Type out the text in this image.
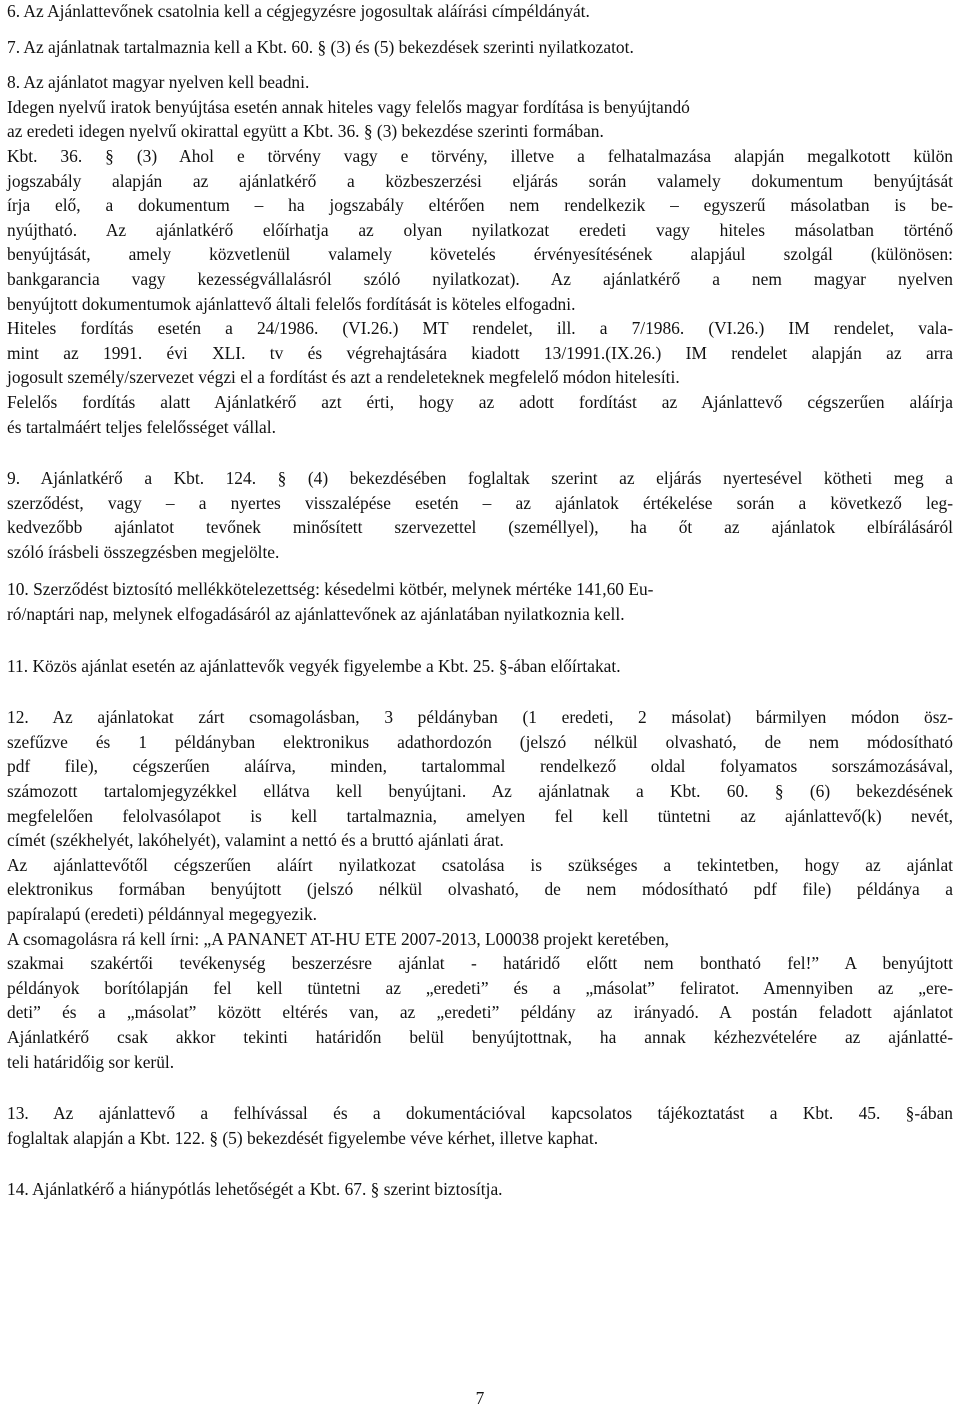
6. Az Ajánlattevőnek csatolnia kell a cégjegyzésre jogosultak aláírási címpéldányát.

7. Az ajánlatnak tartalmaznia kell a Kbt. 60. § (3) és (5) bekezdések szerinti nyilatkozatot.

8. Az ajánlatot magyar nyelven kell beadni.
Idegen nyelvű iratok benyújtása esetén annak hiteles vagy felelős magyar fordítása is benyújtandó
az eredeti idegen nyelvű okirattal együtt a Kbt. 36. § (3) bekezdése szerinti formában.
Kbt. 36. § (3) Ahol e törvény vagy e törvény, illetve a felhatalmazása alapján megalkotott külön
jogszabály alapján az ajánlatkérő a közbeszerzési eljárás során valamely dokumentum benyújtását
írja elő, a dokumentum – ha jogszabály eltérően nem rendelkezik – egyszerű másolatban is be-
nyújtható. Az ajánlatkérő előírhatja az olyan nyilatkozat eredeti vagy hiteles másolatban történő
benyújtását, amely közvetlenül valamely követelés érvényesítésének alapjául szolgál (különösen:
bankgarancia vagy kezességvállalásról szóló nyilatkozat). Az ajánlatkérő a nem magyar nyelven
benyújtott dokumentumok ajánlattevő általi felelős fordítását is köteles elfogadni.
Hiteles fordítás esetén a 24/1986. (VI.26.) MT rendelet, ill. a 7/1986. (VI.26.) IM rendelet, vala-
mint az 1991. évi XLI. tv és végrehajtására kiadott 13/1991.(IX.26.) IM rendelet alapján az arra
jogosult személy/szervezet végzi el a fordítást és azt a rendeleteknek megfelelő módon hitelesíti.
Felelős fordítás alatt Ajánlatkérő azt érti, hogy az adott fordítást az Ajánlattevő cégszerűen aláírja
és tartalmáért teljes felelősséget vállal.
9. Ajánlatkérő a Kbt. 124. § (4) bekezdésében foglaltak szerint az eljárás nyertesével kötheti meg a
szerződést, vagy – a nyertes visszalépése esetén – az ajánlatok értékelése során a következő leg-
kedvezőbb ajánlatot tevőnek minősített szervezettel (személlyel), ha őt az ajánlatok elbírálásáról
szóló írásbeli összegzésben megjelölte.
10. Szerződést biztosító mellékkötelezettség: késedelmi kötbér, melynek mértéke 141,60 Eu-
ró/naptári nap, melynek elfogadásáról az ajánlattevőnek az ajánlatában nyilatkoznia kell.

11. Közös ajánlat esetén az ajánlattevők vegyék figyelembe a Kbt. 25. §-ában előírtakat.

12. Az ajánlatokat zárt csomagolásban, 3 példányban (1 eredeti, 2 másolat) bármilyen módon ösz-
szefűzve és 1 példányban elektronikus adathordozón (jelszó nélkül olvasható, de nem módosítható
pdf file), cégszerűen aláírva, minden, tartalommal rendelkező oldal folyamatos sorszámozásával,
számozott tartalomjegyzékkel ellátva kell benyújtani. Az ajánlatnak a Kbt. 60. § (6) bekezdésének
megfelelően felolvasólapot is kell tartalmaznia, amelyen fel kell tüntetni az ajánlattevő(k) nevét,
címét (székhelyét, lakóhelyét), valamint a nettó és a bruttó ajánlati árat.
Az ajánlattevőtől cégszerűen aláírt nyilatkozat csatolása is szükséges a tekintetben, hogy az ajánlat
elektronikus formában benyújtott (jelszó nélkül olvasható, de nem módosítható pdf file) példánya a
papíralapú (eredeti) példánnyal megegyezik.
A csomagolásra rá kell írni: „A PANANET AT-HU ETE 2007-2013, L00038 projekt keretében,
szakmai szakértői tevékenység beszerzésre ajánlat - határidő előtt nem bontható fel!” A benyújtott
példányok borítólapján fel kell tüntetni az „eredeti” és a „másolat” feliratot. Amennyiben az „ere-
deti” és a „másolat” között eltérés van, az „eredeti” példány az irányadó. A postán feladott ajánlatot
Ajánlatkérő csak akkor tekinti határidőn belül benyújtottnak, ha annak kézhezvételére az ajánlatté-
teli határidőig sor kerül.
13. Az ajánlattevő a felhívással és a dokumentációval kapcsolatos tájékoztatást a Kbt. 45. §-ában
foglaltak alapján a Kbt. 122. § (5) bekezdését figyelembe véve kérhet, illetve kaphat.

14. Ajánlatkérő a hiánypótlás lehetőségét a Kbt. 67. § szerint biztosítja.

7
